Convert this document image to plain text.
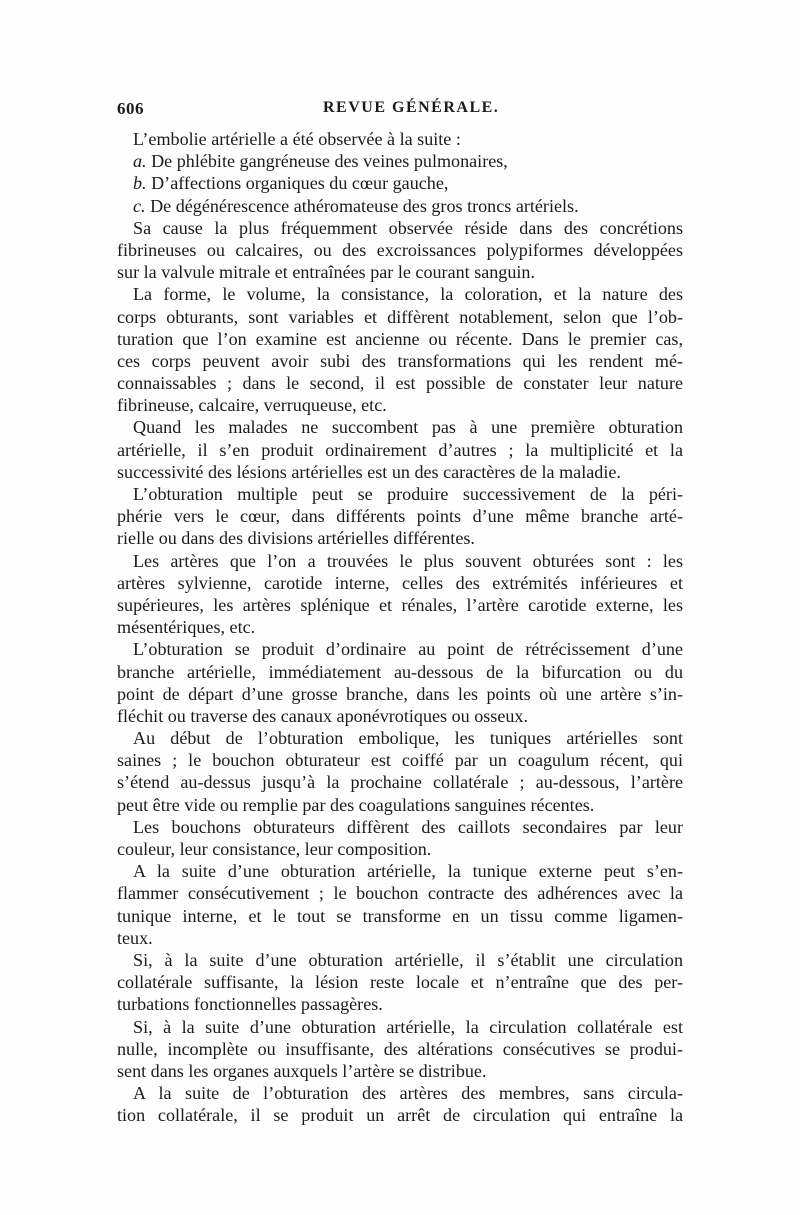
606	REVUE GÉNÉRALE.
L’embolie artérielle a été observée à la suite :
a. De phlébite gangréneuse des veines pulmonaires,
b. D’affections organiques du cœur gauche,
c. De dégénérescence athéromateuse des gros troncs artériels.
Sa cause la plus fréquemment observée réside dans des concrétions
fibrineuses ou calcaires, ou des excroissances polypiformes développées
sur la valvule mitrale et entraînées par le courant sanguin.
La forme, le volume, la consistance, la coloration, et la nature des
corps obturants, sont variables et diffèrent notablement, selon que l’ob-
turation que l’on examine est ancienne ou récente. Dans le premier cas,
ces corps peuvent avoir subi des transformations qui les rendent mé-
connaissables ; dans le second, il est possible de constater leur nature
fibrineuse, calcaire, verruqueuse, etc.
Quand les malades ne succombent pas à une première obturation
artérielle, il s’en produit ordinairement d’autres ; la multiplicité et la
successivité des lésions artérielles est un des caractères de la maladie.
L’obturation multiple peut se produire successivement de la péri-
phérie vers le cœur, dans différents points d’une même branche arté-
rielle ou dans des divisions artérielles différentes.
Les artères que l’on a trouvées le plus souvent obturées sont : les
artères sylvienne, carotide interne, celles des extrémités inférieures et
supérieures, les artères splénique et rénales, l’artère carotide externe, les
mésentériques, etc.
L’obturation se produit d’ordinaire au point de rétrécissement d’une
branche artérielle, immédiatement au-dessous de la bifurcation ou du
point de départ d’une grosse branche, dans les points où une artère s’in-
fléchit ou traverse des canaux aponévrotiques ou osseux.
Au début de l’obturation embolique, les tuniques artérielles sont
saines ; le bouchon obturateur est coiffé par un coagulum récent, qui
s’étend au-dessus jusqu’à la prochaine collatérale ; au-dessous, l’artère
peut être vide ou remplie par des coagulations sanguines récentes.
Les bouchons obturateurs diffèrent des caillots secondaires par leur
couleur, leur consistance, leur composition.
A la suite d’une obturation artérielle, la tunique externe peut s’en-
flammer consécutivement ; le bouchon contracte des adhérences avec la
tunique interne, et le tout se transforme en un tissu comme ligamen-
teux.
Si, à la suite d’une obturation artérielle, il s’établit une circulation
collatérale suffisante, la lésion reste locale et n’entraîne que des per-
turbations fonctionnelles passagères.
Si, à la suite d’une obturation artérielle, la circulation collatérale est
nulle, incomplète ou insuffisante, des altérations consécutives se produi-
sent dans les organes auxquels l’artère se distribue.
A la suite de l’obturation des artères des membres, sans circula-
tion collatérale, il se produit un arrêt de circulation qui entraîne la
